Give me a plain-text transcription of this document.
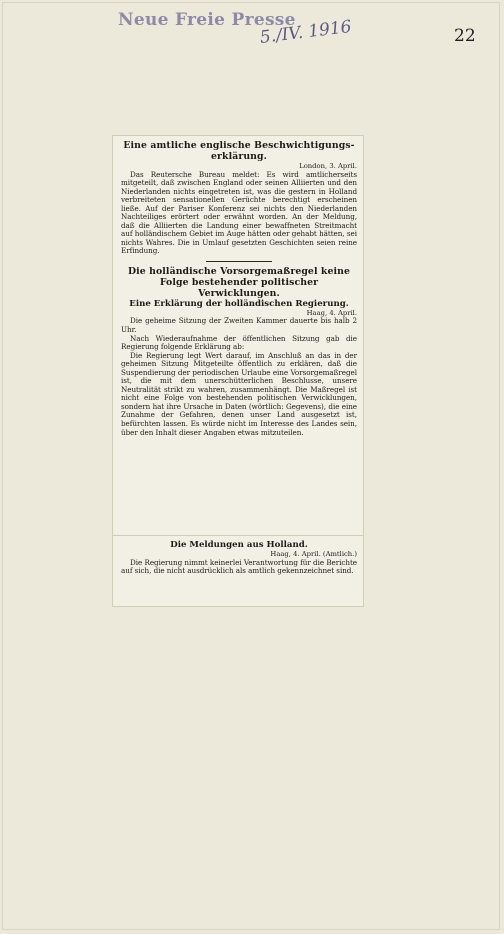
Neue Freie Presse
5./IV. 1916	22

Eine amtliche englische Beschwichtigungs-erklärung.

London, 3. April.

Das Reutersche Bureau meldet: Es wird amtlicherseits mitgeteilt, daß zwischen England oder seinen Alliierten und den Niederlanden nichts eingetreten ist, was die gestern in Holland verbreiteten sensationellen Gerüchte berechtigt erscheinen ließe. Auf der Pariser Konferenz sei nichts den Niederlanden Nachteiliges erörtert oder erwähnt worden. An der Meldung, daß die Alliierten die Landung einer bewaffneten Streitmacht auf holländischem Gebiet im Auge hätten oder gehabt hätten, sei nichts Wahres. Die in Umlauf gesetzten Geschichten seien reine Erfindung.

Die holländische Vorsorgemaßregel keine Folge bestehender politischer Verwicklungen.

Eine Erklärung der holländischen Regierung.

Haag, 4. April.

Die geheime Sitzung der Zweiten Kammer dauerte bis halb 2 Uhr.

Nach Wiederaufnahme der öffentlichen Sitzung gab die Regierung folgende Erklärung ab:

Die Regierung legt Wert darauf, im Anschluß an das in der geheimen Sitzung Mitgeteilte öffentlich zu erklären, daß die Suspendierung der periodischen Urlaube eine Vorsorgemaßregel ist, die mit dem unerschütterlichen Beschlusse, unsere Neutralität strikt zu wahren, zusammenhängt. Die Maßregel ist nicht eine Folge von bestehenden politischen Verwicklungen, sondern hat ihre Ursache in Daten (wörtlich: Gegevens), die eine Zunahme der Gefahren, denen unser Land ausgesetzt ist, befürchten lassen. Es würde nicht im Interesse des Landes sein, über den Inhalt dieser Angaben etwas mitzuteilen.

Die Meldungen aus Holland.

Haag, 4. April. (Amtlich.)

Die Regierung nimmt keinerlei Verantwortung für die Berichte auf sich, die nicht ausdrücklich als amtlich gekennzeichnet sind.
